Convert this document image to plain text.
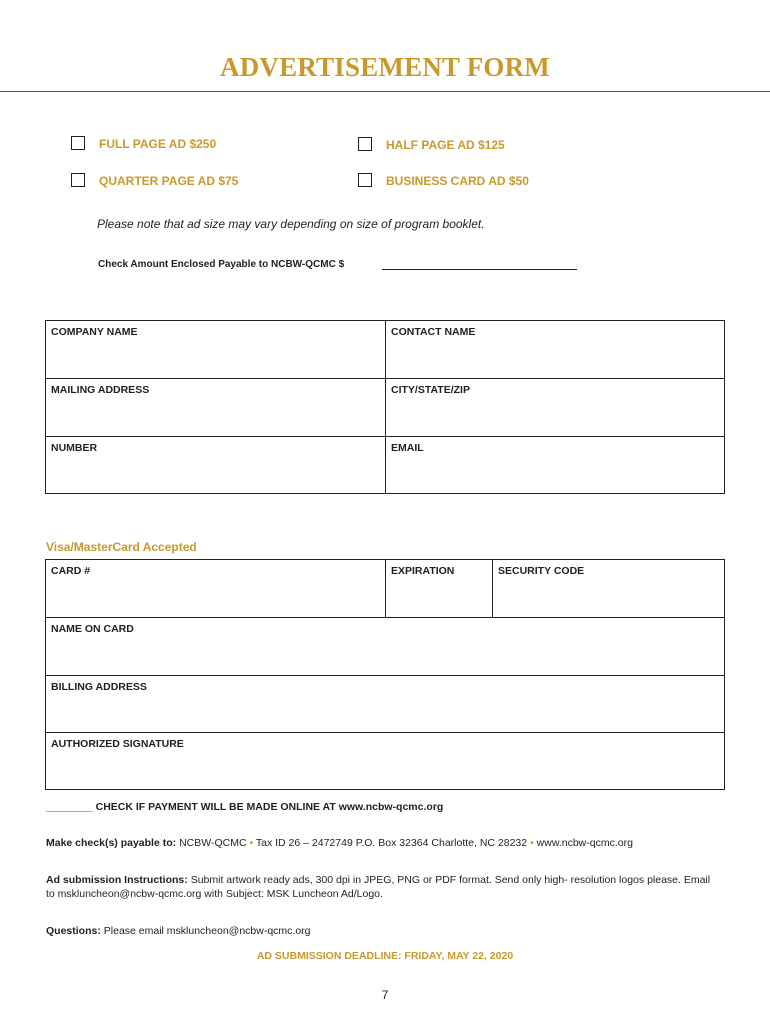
ADVERTISEMENT FORM
FULL PAGE AD $250	HALF PAGE AD $125
QUARTER PAGE AD $75	BUSINESS CARD AD $50
Please note that ad size may vary depending on size of program booklet.
Check Amount Enclosed Payable to NCBW-QCMC $
COMPANY NAME	CONTACT NAME
MAILING ADDRESS	CITY/STATE/ZIP
NUMBER	EMAIL
Visa/MasterCard Accepted
CARD #	EXPIRATION	SECURITY CODE
NAME ON CARD
BILLING ADDRESS
AUTHORIZED SIGNATURE
________ CHECK IF PAYMENT WILL BE MADE ONLINE AT www.ncbw-qcmc.org
Make check(s) payable to: NCBW-QCMC • Tax ID 26 – 2472749 P.O. Box 32364 Charlotte, NC 28232 • www.ncbw-qcmc.org
Ad submission Instructions: Submit artwork ready ads, 300 dpi in JPEG, PNG or PDF format. Send only high- resolution logos please. Email to mskluncheon@ncbw-qcmc.org with Subject: MSK Luncheon Ad/Logo.
Questions: Please email mskluncheon@ncbw-qcmc.org
AD SUBMISSION DEADLINE: FRIDAY, MAY 22, 2020
7
